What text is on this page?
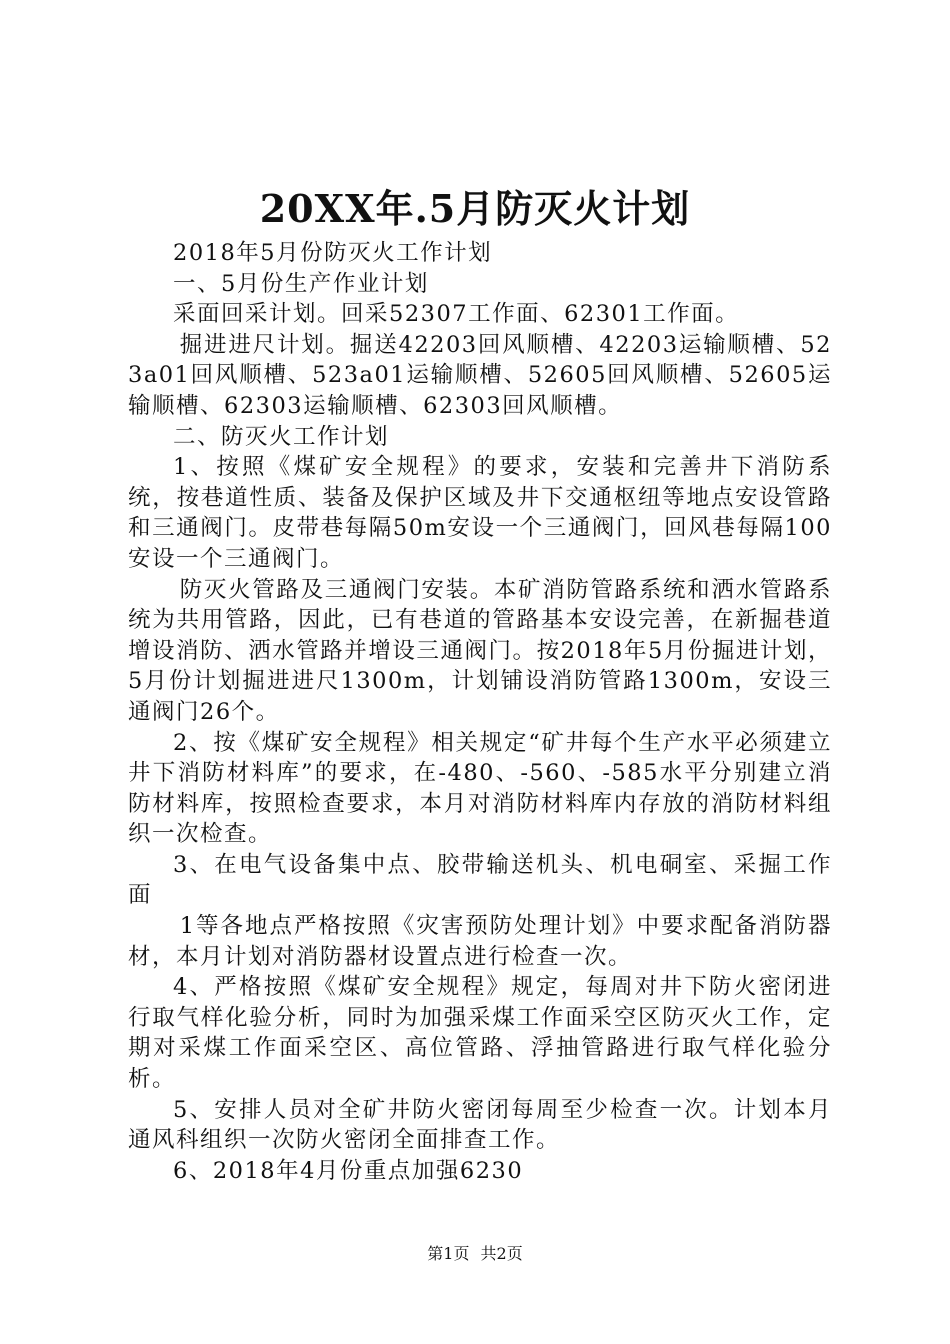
20XX年.5月防灭火计划

2018年5月份防灭火工作计划

一、5月份生产作业计划

采面回采计划。回采52307工作面、62301工作面。

掘进进尺计划。掘送42203回风顺槽、42203运输顺槽、523a01回风顺槽、523a01运输顺槽、52605回风顺槽、52605运输顺槽、62303运输顺槽、62303回风顺槽。

二、防灭火工作计划

1、按照《煤矿安全规程》的要求，安装和完善井下消防系统，按巷道性质、装备及保护区域及井下交通枢纽等地点安设管路和三通阀门。皮带巷每隔50m安设一个三通阀门，回风巷每隔100安设一个三通阀门。

防灭火管路及三通阀门安装。本矿消防管路系统和洒水管路系统为共用管路，因此，已有巷道的管路基本安设完善，在新掘巷道增设消防、洒水管路并增设三通阀门。按2018年5月份掘进计划，5月份计划掘进进尺1300m，计划铺设消防管路1300m，安设三通阀门26个。

2、按《煤矿安全规程》相关规定“矿井每个生产水平必须建立井下消防材料库”的要求，在-480、-560、-585水平分别建立消防材料库，按照检查要求，本月对消防材料库内存放的消防材料组织一次检查。

3、在电气设备集中点、胶带输送机头、机电硐室、采掘工作面

1等各地点严格按照《灾害预防处理计划》中要求配备消防器材，本月计划对消防器材设置点进行检查一次。

4、严格按照《煤矿安全规程》规定，每周对井下防火密闭进行取气样化验分析，同时为加强采煤工作面采空区防灭火工作，定期对采煤工作面采空区、高位管路、浮抽管路进行取气样化验分析。

5、安排人员对全矿井防火密闭每周至少检查一次。计划本月通风科组织一次防火密闭全面排查工作。

6、2018年4月份重点加强6230

第1页 共2页
